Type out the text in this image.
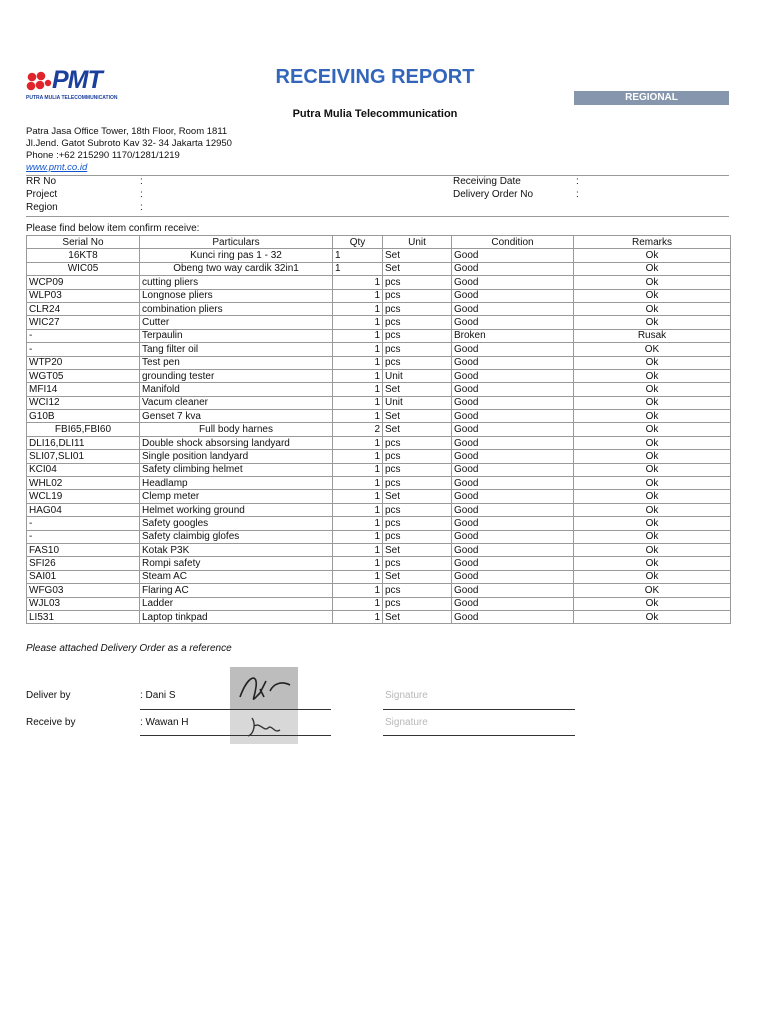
PMT
PUTRA MULIA TELECOMMUNICATION
RECEIVING REPORT
REGIONAL
Putra Mulia Telecommunication
Patra Jasa Office Tower, 18th Floor, Room 1811
Jl.Jend. Gatot Subroto Kav 32- 34 Jakarta 12950
Phone :+62 215290 1170/1281/1219
www.pmt.co.id
RR No	:
Project	:
Region	:
Receiving Date	:
Delivery Order No	:
Please find below item confirm receive:
Serial No	Particulars	Qty	Unit	Condition	Remarks
16KT8	Kunci ring pas 1 - 32	1	Set	Good	Ok
WIC05	Obeng two way cardik 32in1	1	Set	Good	Ok
WCP09	cutting pliers	1	pcs	Good	Ok
WLP03	Longnose pliers	1	pcs	Good	Ok
CLR24	combination pliers	1	pcs	Good	Ok
WIC27	Cutter	1	pcs	Good	Ok
-	Terpaulin	1	pcs	Broken	Rusak
-	Tang filter oil	1	pcs	Good	OK
WTP20	Test pen	1	pcs	Good	Ok
WGT05	grounding tester	1	Unit	Good	Ok
MFI14	Manifold	1	Set	Good	Ok
WCI12	Vacum cleaner	1	Unit	Good	Ok
G10B	Genset 7 kva	1	Set	Good	Ok
FBI65,FBI60	Full body harnes	2	Set	Good	Ok
DLI16,DLI11	Double shock absorsing landyard	1	pcs	Good	Ok
SLI07,SLI01	Single position landyard	1	pcs	Good	Ok
KCI04	Safety climbing helmet	1	pcs	Good	Ok
WHL02	Headlamp	1	pcs	Good	Ok
WCL19	Clemp meter	1	Set	Good	Ok
HAG04	Helmet working ground	1	pcs	Good	Ok
-	Safety googles	1	pcs	Good	Ok
-	Safety claimbig glofes	1	pcs	Good	Ok
FAS10	Kotak P3K	1	Set	Good	Ok
SFI26	Rompi safety	1	pcs	Good	Ok
SAI01	Steam AC	1	Set	Good	Ok
WFG03	Flaring AC	1	pcs	Good	OK
WJL03	Ladder	1	pcs	Good	Ok
LI531	Laptop tinkpad	1	Set	Good	Ok
Please attached Delivery Order as a reference
Deliver by	: Dani S	Signature
Receive by	: Wawan H	Signature
